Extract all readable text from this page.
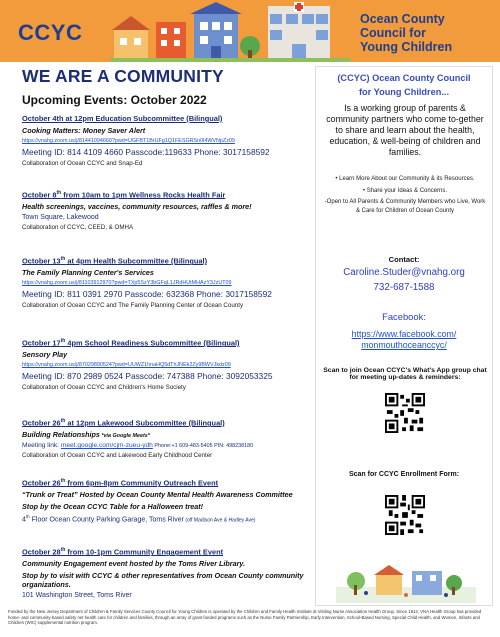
CCYC
Ocean County
Council for
Young Children
WE ARE A COMMUNITY
Upcoming Events: October 2022
October 4th at 12pm Education Subcommittee (Bilingual)
Cooking Matters: Money Saver Alert
https://vnahg.zoom.us/j/81441094660?pwd=UGFBT1BrUFg1Q1FESGRSn0l4WVNpZz09
Meeting ID: 814 4109 4660 Passcode:119633 Phone: 3017158592
Collaboration of Ocean CCYC and Snap-Ed
October 8th from 10am to 1pm Wellness Rocks Health Fair
Health screenings, vaccines, community resources, raffles & more!
Town Square, Lakewood
Collaboration of CCYC, CEED, & OMHA
October 13th at 4pm Health Subcommittee (Bilingual)
The Family Planning Center's Services
https://vnahg.zoom.us/j/81103912970?pwd=TXp5SzY3bGFqL1JRdHUtMHAzY3JzUT09
Meeting ID: 811 0391 2970 Passcode: 632368 Phone: 3017158592
Collaboration of Ocean CCYC and The Family Planning Center of Ocean County
October 17th 4pm School Readiness Subcommittee (Bilingual)
Sensory Play
https://vnahg.zoom.us/j/87029890524?pwd=UUWZ1hnaHQ5dThJNEk2Zy9BWVJkdz09
Meeting ID: 870 2989 0524 Passcode: 747388 Phone: 3092053325
Collaboration of Ocean CCYC and Children's Home Society
October 26th at 12pm Lakewood Subcommittee (Bilingual)
Building Relationships *via Google Meets*
Meeting link: meet.google.com/cjm-zueu-ydh Phone:+1 609-483-5405 PIN: 498238180
Collaboration of Ocean CCYC and Lakewood Early Childhood Center
October 26th from 6pm-8pm Community Outreach Event
“Trunk or Treat” Hosted by Ocean County Mental Health Awareness Committee
Stop by the Ocean CCYC Table for a Halloween treat!
4th Floor Ocean County Parking Garage, Toms River (off Madison Ave & Hadley Ave)
October 28th from 10-1pm Community Engagement Event
Community Engagement event hosted by the Toms River Library.
Stop by to visit with CCYC & other representatives from Ocean County community organizations.
101 Washington Street, Toms River
Funded by the New Jersey Department of Children & Family Services County Council for Young Children is operated by the Children and Family Health Institute at Visiting Nurse Association Health Group. Since 1912, VNA Health Group has provided home- and community-based safety net health care for children and families, through an array of grant funded programs such as the Nurse Family Partnership, Early Intervention, School-Based Nursing, Special Child Health, and Women, Infants and Children (WIC) supplemental nutrition program.
(CCYC) Ocean County Council
for Young Children...
Is a working group of parents & community partners who come to-gether to share and learn about the health, education, & well-being of children and families.
• Learn More About our Community & its Resources.
• Share your Ideas & Concerns.
-Open to All Parents & Community Members who Live, Work & Care for Children of Ocean County
Contact:
Caroline.Studer@vnahg.org
732-687-1588
Facebook:
https://www.facebook.com/
monmouthoceanccyc/
Scan to join Ocean CCYC's What's App group chat for meeting up-dates & reminders:
Scan for CCYC Enrollment Form:
